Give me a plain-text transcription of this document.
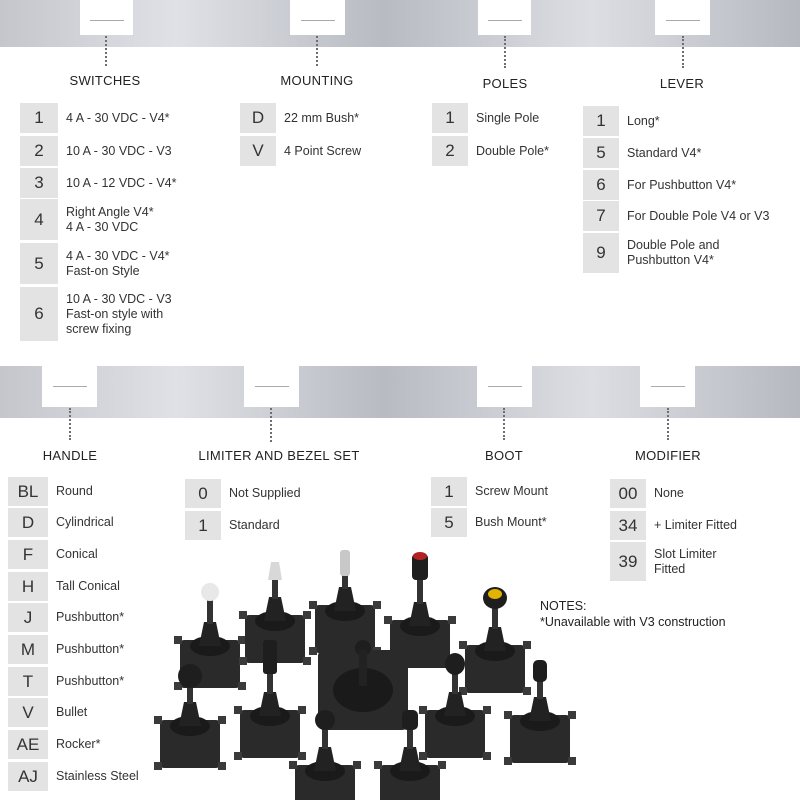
SWITCHES	MOUNTING	POLES	LEVER
HANDLE	LIMITER AND BEZEL SET	BOOT	MODIFIER
1	4 A - 30 VDC - V4*
2	10 A - 30 VDC - V3
3	10 A - 12 VDC - V4*
4	Right Angle V4*
4 A - 30 VDC
5	4 A - 30 VDC - V4*
Fast-on Style
6
10 A - 30 VDC - V3
Fast-on style with
screw fixing
D	22 mm Bush*
V	4 Point Screw
1	Single Pole
2	Double Pole*
1	Long*
5	Standard V4*
6	For Pushbutton V4*
7	For Double Pole V4 or V3
9	Double Pole and
Pushbutton V4*
BL	Round
D	Cylindrical
F	Conical
H	Tall Conical
J	Pushbutton*
M	Pushbutton*
T	Pushbutton*
V	Bullet
AE	Rocker*
AJ	Stainless Steel
0	Not Supplied
1	Standard
1	Screw Mount
5	Bush Mount*
00	None
34	+ Limiter Fitted
39	Slot Limiter
Fitted
NOTES:
*Unavailable with V3 construction
